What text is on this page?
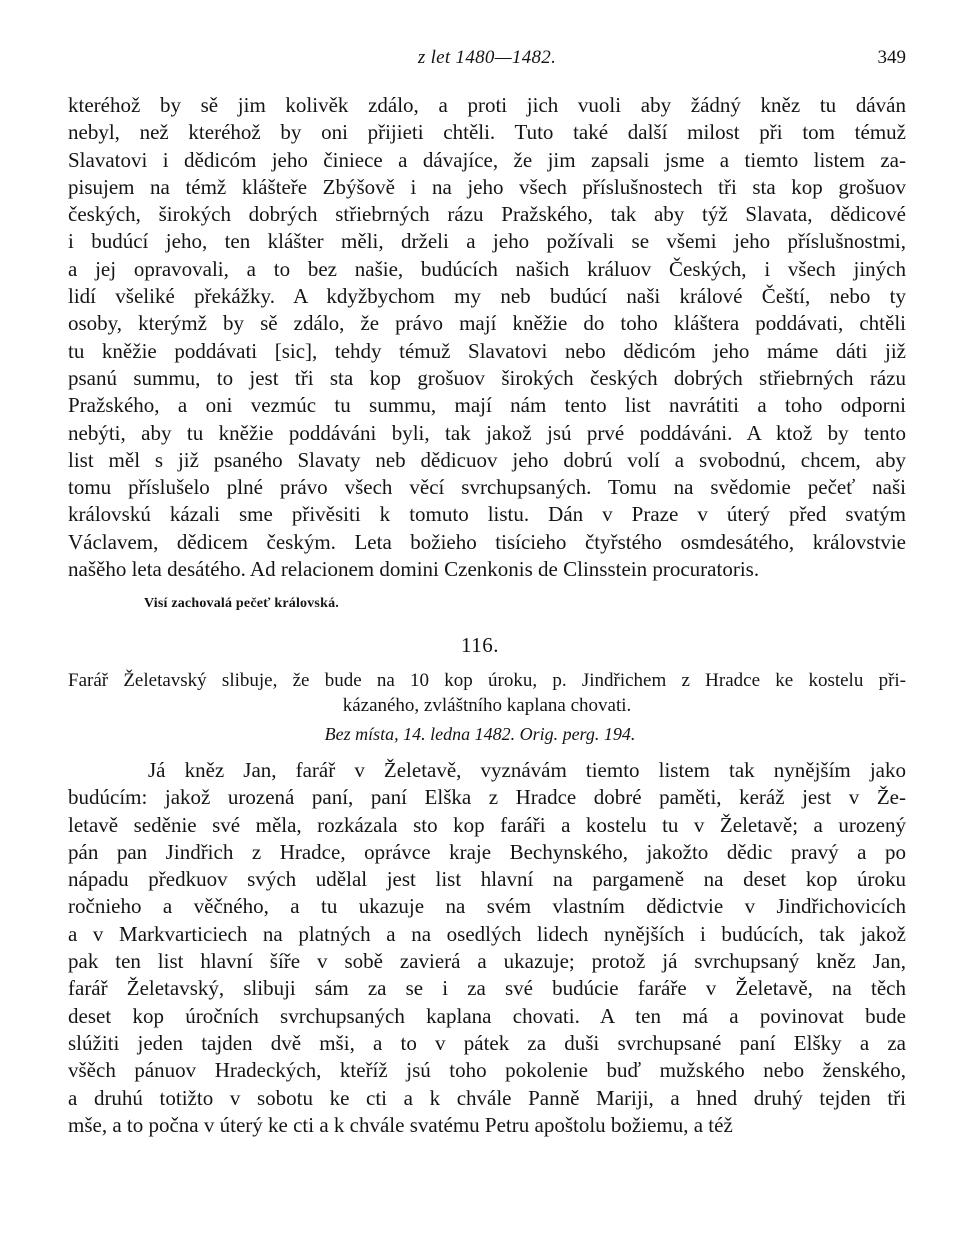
z let 1480—1482.	349
kteréhož by sě jim kolivěk zdálo, a proti jich vuoli aby žádný kněz tu dáván
nebyl, než kteréhož by oni přijieti chtěli. Tuto také další milost při tom témuž
Slavatovi i dědicóm jeho činiece a dávajíce, že jim zapsali jsme a tiemto listem za-
pisujem na témž klášteře Zbýšově i na jeho všech příslušnostech tři sta kop grošuov
českých, širokých dobrých střiebrných rázu Pražského, tak aby týž Slavata, dědicové
i budúcí jeho, ten klášter měli, drželi a jeho požívali se všemi jeho příslušnostmi,
a jej opravovali, a to bez našie, budúcích našich králuov Českých, i všech jiných
lidí všeliké překážky. A kdyžbychom my neb budúcí naši králové Čeští, nebo ty
osoby, kterýmž by sě zdálo, že právo mají kněžie do toho kláštera poddávati, chtěli
tu kněžie poddávati [sic], tehdy témuž Slavatovi nebo dědicóm jeho máme dáti již
psanú summu, to jest tři sta kop grošuov širokých českých dobrých střiebrných rázu
Pražského, a oni vezmúc tu summu, mají nám tento list navrátiti a toho odporni
nebýti, aby tu kněžie poddáváni byli, tak jakož jsú prvé poddáváni. A ktož by tento
list měl s již psaného Slavaty neb dědicuov jeho dobrú volí a svobodnú, chcem, aby
tomu příslušelo plné právo všech věcí svrchupsaných. Tomu na svědomie pečeť naši
královskú kázali sme přivěsiti k tomuto listu. Dán v Praze v úterý před svatým
Václavem, dědicem českým. Leta božieho tisícieho čtyřstého osmdesátého, královstvie
našěho leta desátého. Ad relacionem domini Czenkonis de Clinsstein procuratoris.
Visí zachovalá pečeť královská.
116.
Farář Želetavský slibuje, že bude na 10 kop úroku, p. Jindřichem z Hradce ke kostelu při-
kázaného, zvláštního kaplana chovati.
Bez místa, 14. ledna 1482. Orig. perg. 194.
Já kněz Jan, farář v Želetavě, vyznávám tiemto listem tak nynějším jako
budúcím: jakož urozená paní, paní Elška z Hradce dobré paměti, keráž jest v Že-
letavě seděnie své měla, rozkázala sto kop faráři a kostelu tu v Želetavě; a urozený
pán pan Jindřich z Hradce, oprávce kraje Bechynského, jakožto dědic pravý a po
nápadu předkuov svých udělal jest list hlavní na pargameně na deset kop úroku
ročnieho a věčného, a tu ukazuje na svém vlastním dědictvie v Jindřichovicích
a v Markvarticiech na platných a na osedlých lidech nynějších i budúcích, tak jakož
pak ten list hlavní šíře v sobě zavierá a ukazuje; protož já svrchupsaný kněz Jan,
farář Želetavský, slibuji sám za se i za své budúcie faráře v Želetavě, na těch
deset kop úročních svrchupsaných kaplana chovati. A ten má a povinovat bude
slúžiti jeden tajden dvě mši, a to v pátek za duši svrchupsané paní Elšky a za
všěch pánuov Hradeckých, kteříž jsú toho pokolenie buď mužského nebo ženského,
a druhú totižto v sobotu ke cti a k chvále Panně Mariji, a hned druhý tejden tři
mše, a to počna v úterý ke cti a k chvále svatému Petru apoštolu božiemu, a též
